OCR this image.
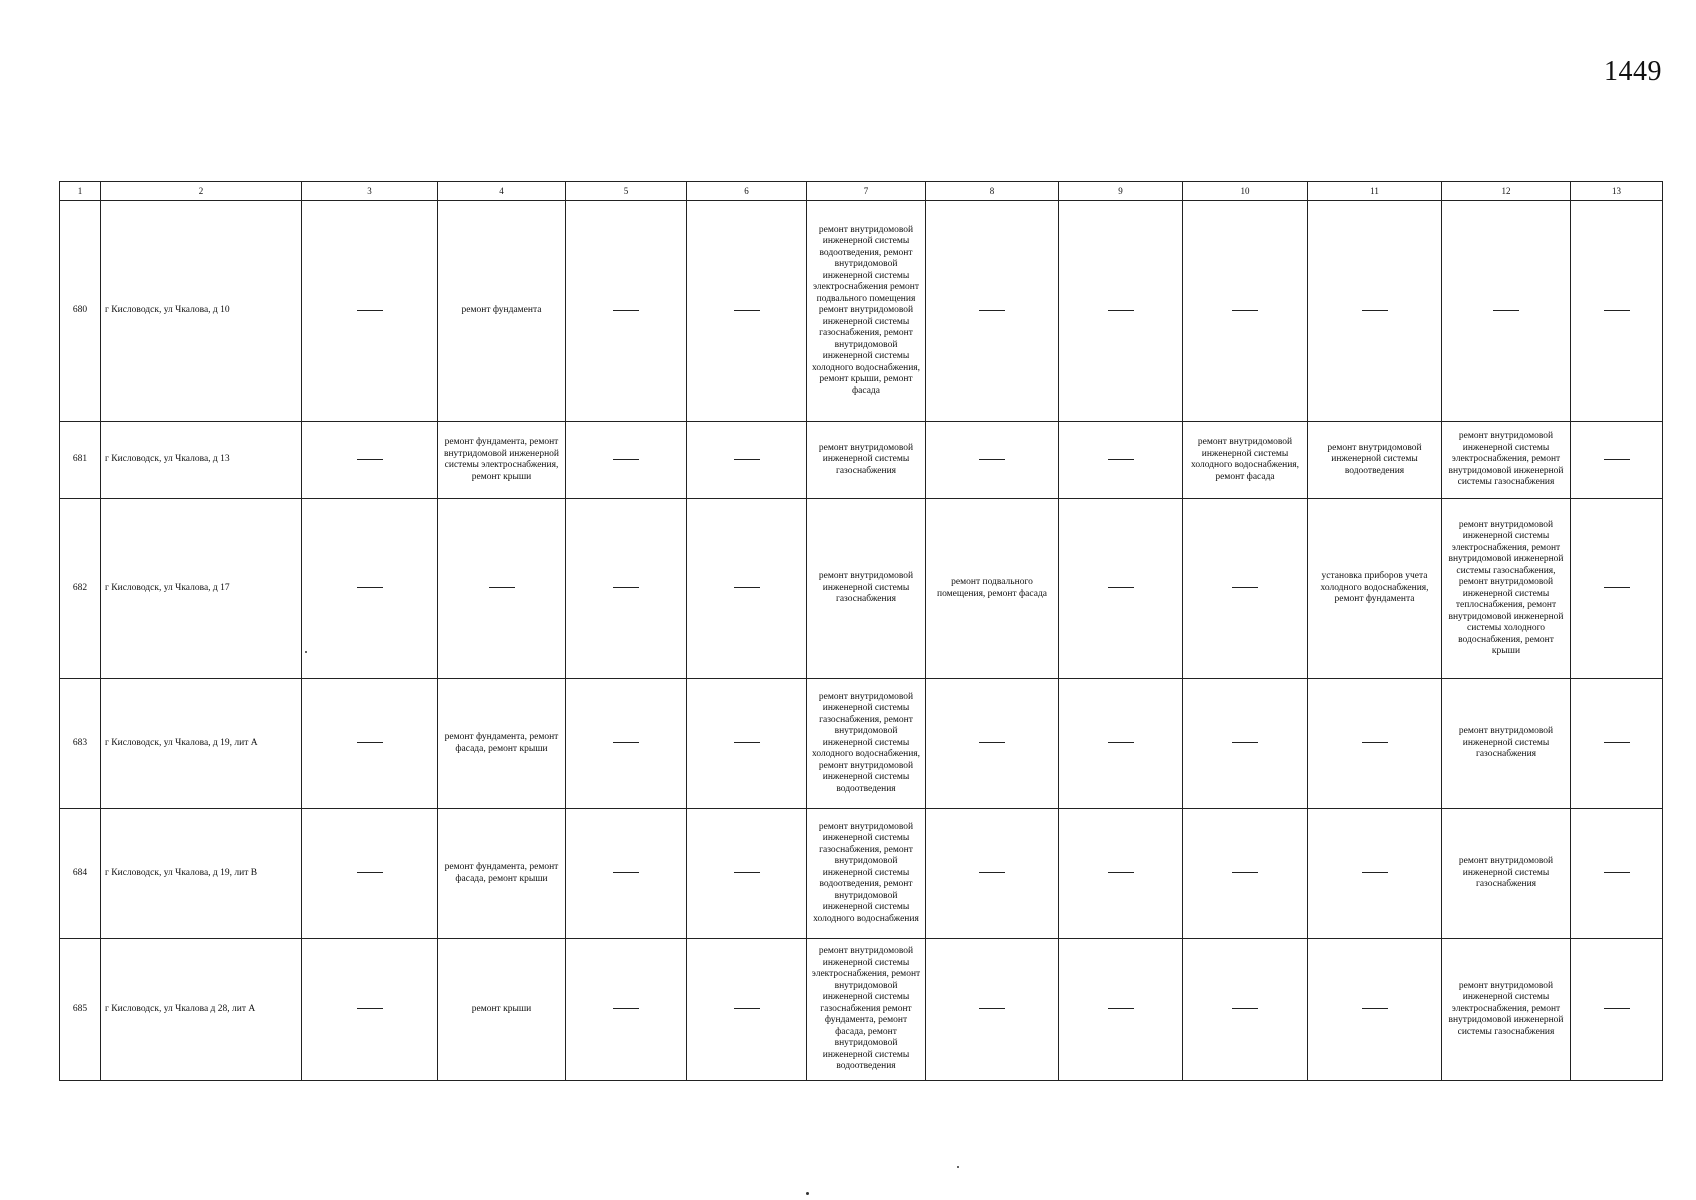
1449
1	2	3	4	5	6	7	8	9	10	11	12	13
680	г Кисловодск, ул Чкалова, д 10		ремонт фундамента			ремонт внутридомовой инженерной системы водоотведения, ремонт внутридомовой инженерной системы электроснабжения ремонт подвального помещения ремонт внутридомовой инженерной системы газоснабжения, ремонт внутридомовой инженерной системы холодного водоснабжения, ремонт крыши, ремонт фасада						
681	г Кисловодск, ул Чкалова, д 13		ремонт фундамента, ремонт внутридомовой инженерной системы электроснабжения, ремонт крыши			ремонт внутридомовой инженерной системы газоснабжения			ремонт внутридомовой инженерной системы холодного водоснабжения, ремонт фасада	ремонт внутридомовой инженерной системы водоотведения	ремонт внутридомовой инженерной системы электроснабжения, ремонт внутридомовой инженерной системы газоснабжения	
682	г Кисловодск, ул Чкалова, д 17					ремонт внутридомовой инженерной системы газоснабжения	ремонт подвального помещения, ремонт фасада			установка приборов учета холодного водоснабжения, ремонт фундамента	ремонт внутридомовой инженерной системы электроснабжения, ремонт внутридомовой инженерной системы газоснабжения, ремонт внутридомовой инженерной системы теплоснабжения, ремонт внутридомовой инженерной системы холодного водоснабжения, ремонт крыши	
683	г Кисловодск, ул Чкалова, д 19, лит А		ремонт фундамента, ремонт фасада, ремонт крыши			ремонт внутридомовой инженерной системы газоснабжения, ремонт внутридомовой инженерной системы холодного водоснабжения, ремонт внутридомовой инженерной системы водоотведения					ремонт внутридомовой инженерной системы газоснабжения	
684	г Кисловодск, ул Чкалова, д 19, лит В		ремонт фундамента, ремонт фасада, ремонт крыши			ремонт внутридомовой инженерной системы газоснабжения, ремонт внутридомовой инженерной системы водоотведения, ремонт внутридомовой инженерной системы холодного водоснабжения					ремонт внутридомовой инженерной системы газоснабжения	
685	г Кисловодск, ул Чкалова д 28, лит А		ремонт крыши			ремонт внутридомовой инженерной системы электроснабжения, ремонт внутридомовой инженерной системы газоснабжения ремонт фундамента, ремонт фасада, ремонт внутридомовой инженерной системы водоотведения					ремонт внутридомовой инженерной системы электроснабжения, ремонт внутридомовой инженерной системы газоснабжения	
